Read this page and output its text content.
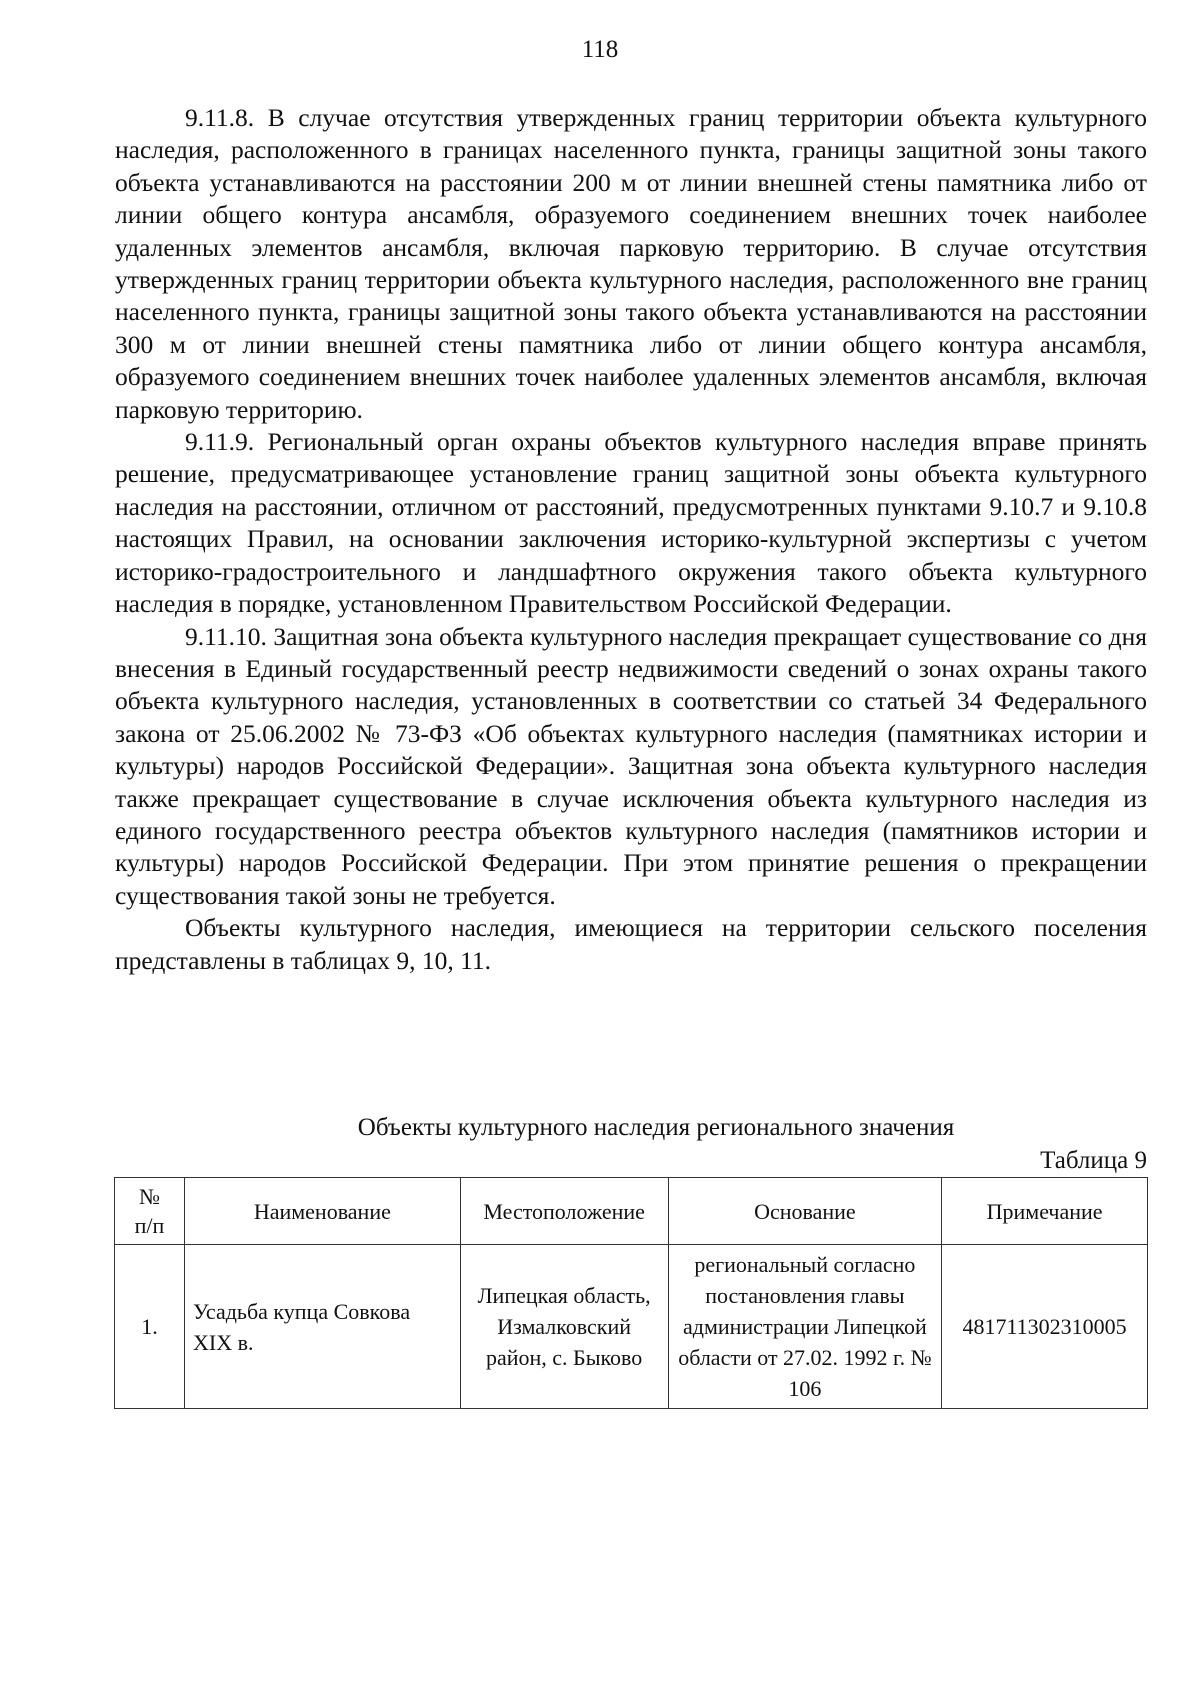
118

9.11.8. В случае отсутствия утвержденных границ территории объекта культурного наследия, расположенного в границах населенного пункта, границы защитной зоны такого объекта устанавливаются на расстоянии 200 м от линии внешней стены памятника либо от линии общего контура ансамбля, образуемого соединением внешних точек наиболее удаленных элементов ансамбля, включая парковую территорию. В случае отсутствия утвержденных границ территории объекта культурного наследия, расположенного вне границ населенного пункта, границы защитной зоны такого объекта устанавливаются на расстоянии 300 м от линии внешней стены памятника либо от линии общего контура ансамбля, образуемого соединением внешних точек наиболее удаленных элементов ансамбля, включая парковую территорию.

9.11.9. Региональный орган охраны объектов культурного наследия вправе принять решение, предусматривающее установление границ защитной зоны объекта культурного наследия на расстоянии, отличном от расстояний, предусмотренных пунктами 9.10.7 и 9.10.8 настоящих Правил, на основании заключения историко-культурной экспертизы с учетом историко-градостроительного и ландшафтного окружения такого объекта культурного наследия в порядке, установленном Правительством Российской Федерации.

9.11.10. Защитная зона объекта культурного наследия прекращает существование со дня внесения в Единый государственный реестр недвижимости сведений о зонах охраны такого объекта культурного наследия, установленных в соответствии со статьей 34 Федерального закона от 25.06.2002 № 73-ФЗ «Об объектах культурного наследия (памятниках истории и культуры) народов Российской Федерации». Защитная зона объекта культурного наследия также прекращает существование в случае исключения объекта культурного наследия из единого государственного реестра объектов культурного наследия (памятников истории и культуры) народов Российской Федерации. При этом принятие решения о прекращении существования такой зоны не требуется.

Объекты культурного наследия, имеющиеся на территории сельского поселения представлены в таблицах 9, 10, 11.

Объекты культурного наследия регионального значения
Таблица 9
№
п/п	Наименование	Местоположение	Основание	Примечание
1.	Усадьба купца Совкова XIX в.	Липецкая область, Измалковский район, с. Быково	региональный согласно постановления главы администрации Липецкой области от 27.02. 1992 г. № 106	481711302310005
